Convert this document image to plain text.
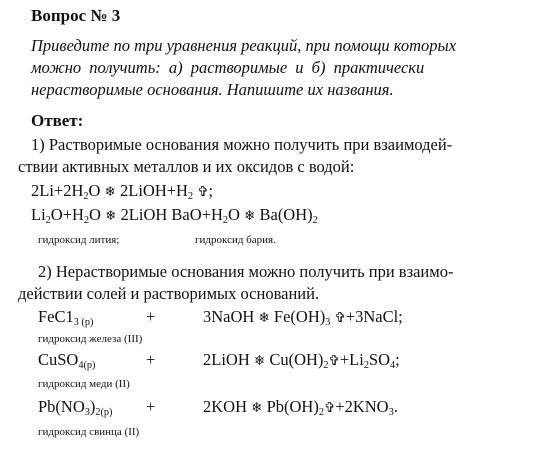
Вопрос № 3
Приведите по три уравнения реакций, при помощи которых
можно получить: а) растворимые и б) практически
нерастворимые основания. Напишите их названия.
Ответ:
1) Растворимые основания можно получить при взаимодей-
ствии активных металлов и их оксидов с водой:
$2Li+2H_2O$ ❄ $2LiOH+H_2$ ✞;
$Li_2O+H_2O$ ❄ 2LiOH $BaO+H_2O$ ❄ $Ba(OH)_2$
гидроксид лития;	гидроксид бария.
2) Нерастворимые основания можно получить при взаимо-
действии солей и растворимых оснований.
$FeC1_{3 (р)}$	+	3NaOH ❄ $Fe(OH)_3$ ✞+3NaCl;
гидроксид железа (III)
CuSO$_{4(р)}$	+	2LiOH ❄ $Cu(OH)_2✞+Li_2SO_4$;
гидроксид меди (II)
$Pb(NO_3)_{2(р)}$ +	2KOH ❄ $Pb(OH)_2✞+2KNO_3$.
гидроксид свинца (II)
